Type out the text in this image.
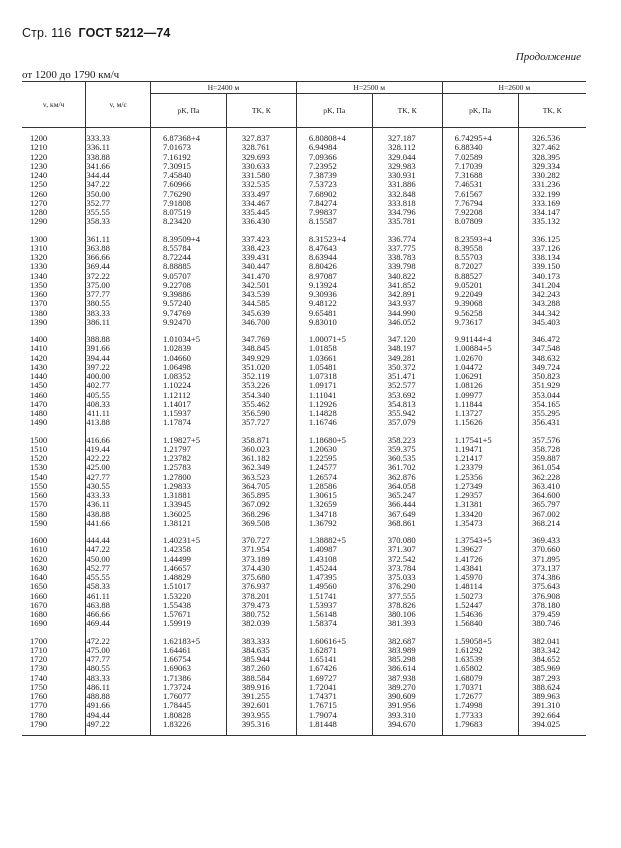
Стр. 116 ГОСТ 5212—74
Продолжение
от 1200 до 1790 км/ч
v, км/ч	v, м/с	H=2400 м		H=2500 м		H=2600 м	
		pK, Па	TK, К	pK, Па	TK, К	pK, Па	TK, К

1200	333.33	6.87368+4	327.837	6.80808+4	327.187	6.74295+4	326.536
1210	336.11	7.01673	328.761	6.94984	328.112	6.88340	327.462
1220	338.88	7.16192	329.693	7.09366	329.044	7.02589	328.395
1230	341.66	7.30915	330.633	7.23952	329.983	7.17039	329.334
1240	344.44	7.45840	331.580	7.38739	330.931	7.31688	330.282
1250	347.22	7.60966	332.535	7.53723	331.886	7.46531	331.236
1260	350.00	7.76290	333.497	7.68902	332.848	7.61567	332.199
1270	352.77	7.91808	334.467	7.84274	333.818	7.76794	333.169
1280	355.55	8.07519	335.445	7.99837	334.796	7.92208	334.147
1290	358.33	8.23420	336.430	8.15587	335.781	8.07809	335.132

1300	361.11	8.39509+4	337.423	8.31523+4	336.774	8.23593+4	336.125
1310	363.88	8.55784	338.423	8.47643	337.775	8.39558	337.126
1320	366.66	8.72244	339.431	8.63944	338.783	8.55703	338.134
1330	369.44	8.88885	340.447	8.80426	339.798	8.72027	339.150
1340	372.22	9.05707	341.470	8.97087	340.822	8.88527	340.173
1350	375.00	9.22708	342.501	9.13924	341.852	9.05201	341.204
1360	377.77	9.39886	343.539	9.30936	342.891	9.22049	342.243
1370	380.55	9.57240	344.585	9.48122	343.937	9.39068	343.288
1380	383.33	9.74769	345.639	9.65481	344.990	9.56258	344.342
1390	386.11	9.92470	346.700	9.83010	346.052	9.73617	345.403

1400	388.88	1.01034+5	347.769	1.00071+5	347.120	9.91144+4	346.472
1410	391.66	1.02839	348.845	1.01858	348.197	1.00884+5	347.548
1420	394.44	1.04660	349.929	1.03661	349.281	1.02670	348.632
1430	397.22	1.06498	351.020	1.05481	350.372	1.04472	349.724
1440	400.00	1.08352	352.119	1.07318	351.471	1.06291	350.823
1450	402.77	1.10224	353.226	1.09171	352.577	1.08126	351.929
1460	405.55	1.12112	354.340	1.11041	353.692	1.09977	353.044
1470	408.33	1.14017	355.462	1.12926	354.813	1.11844	354.165
1480	411.11	1.15937	356.590	1.14828	355.942	1.13727	355.295
1490	413.88	1.17874	357.727	1.16746	357.079	1.15626	356.431

1500	416.66	1.19827+5	358.871	1.18680+5	358.223	1.17541+5	357.576
1510	419.44	1.21797	360.023	1.20630	359.375	1.19471	358.728
1520	422.22	1.23782	361.182	1.22595	360.535	1.21417	359.887
1530	425.00	1.25783	362.349	1.24577	361.702	1.23379	361.054
1540	427.77	1.27800	363.523	1.26574	362.876	1.25356	362.228
1550	430.55	1.29833	364.705	1.28586	364.058	1.27349	363.410
1560	433.33	1.31881	365.895	1.30615	365.247	1.29357	364.600
1570	436.11	1.33945	367.092	1.32659	366.444	1.31381	365.797
1580	438.88	1.36025	368.296	1.34718	367.649	1.33420	367.002
1590	441.66	1.38121	369.508	1.36792	368.861	1.35473	368.214

1600	444.44	1.40231+5	370.727	1.38882+5	370.080	1.37543+5	369.433
1610	447.22	1.42358	371.954	1.40987	371.307	1.39627	370.660
1620	450.00	1.44499	373.189	1.43108	372.542	1.41726	371.895
1630	452.77	1.46657	374.430	1.45244	373.784	1.43841	373.137
1640	455.55	1.48829	375.680	1.47395	375.033	1.45970	374.386
1650	458.33	1.51017	376.937	1.49560	376.290	1.48114	375.643
1660	461.11	1.53220	378.201	1.51741	377.555	1.50273	376.908
1670	463.88	1.55438	379.473	1.53937	378.826	1.52447	378.180
1680	466.66	1.57671	380.752	1.56148	380.106	1.54636	379.459
1690	469.44	1.59919	382.039	1.58374	381.393	1.56840	380.746

1700	472.22	1.62183+5	383.333	1.60616+5	382.687	1.59058+5	382.041
1710	475.00	1.64461	384.635	1.62871	383.989	1.61292	383.342
1720	477.77	1.66754	385.944	1.65141	385.298	1.63539	384.652
1730	480.55	1.69063	387.260	1.67426	386.614	1.65802	385.969
1740	483.33	1.71386	388.584	1.69727	387.938	1.68079	387.293
1750	486.11	1.73724	389.916	1.72041	389.270	1.70371	388.624
1760	488.88	1.76077	391.255	1.74371	390.609	1.72677	389.963
1770	491.66	1.78445	392.601	1.76715	391.956	1.74998	391.310
1780	494.44	1.80828	393.955	1.79074	393.310	1.77333	392.664
1790	497.22	1.83226	395.316	1.81448	394.670	1.79683	394.025
